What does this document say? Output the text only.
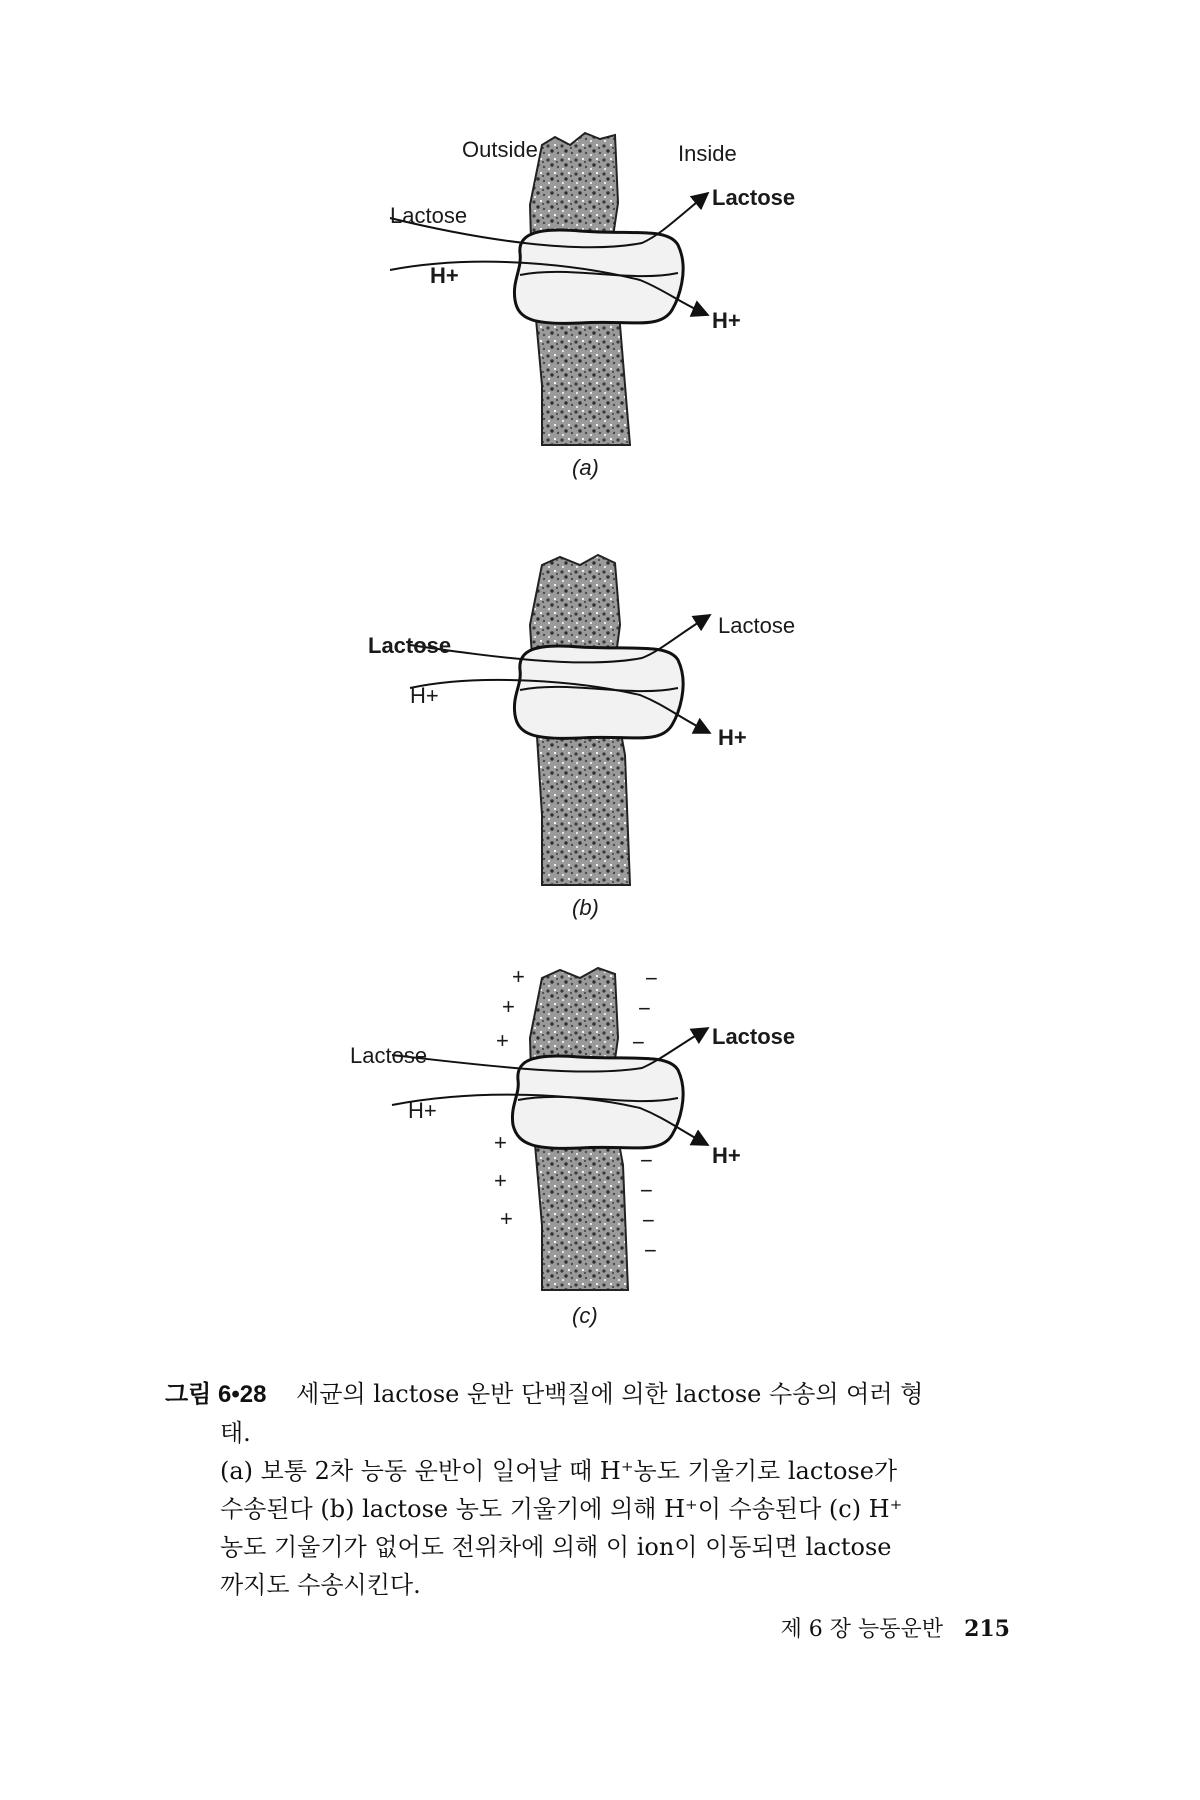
Outside	Inside
Lactose
H+
Lactose
H+
(a)
Lactose
H+
Lactose
H+
(b)
+
+
+
+
+
+
−
−
−
−
−
−
−
Lactose
H+
Lactose
H+
(c)
그림 6•28 세균의 lactose 운반 단백질에 의한 lactose 수송의 여러 형
태.
(a) 보통 2차 능동 운반이 일어날 때 H⁺농도 기울기로 lactose가
수송된다 (b) lactose 농도 기울기에 의해 H⁺이 수송된다 (c) H⁺
농도 기울기가 없어도 전위차에 의해 이 ion이 이동되면 lactose
까지도 수송시킨다.
제 6 장 능동운반 215
